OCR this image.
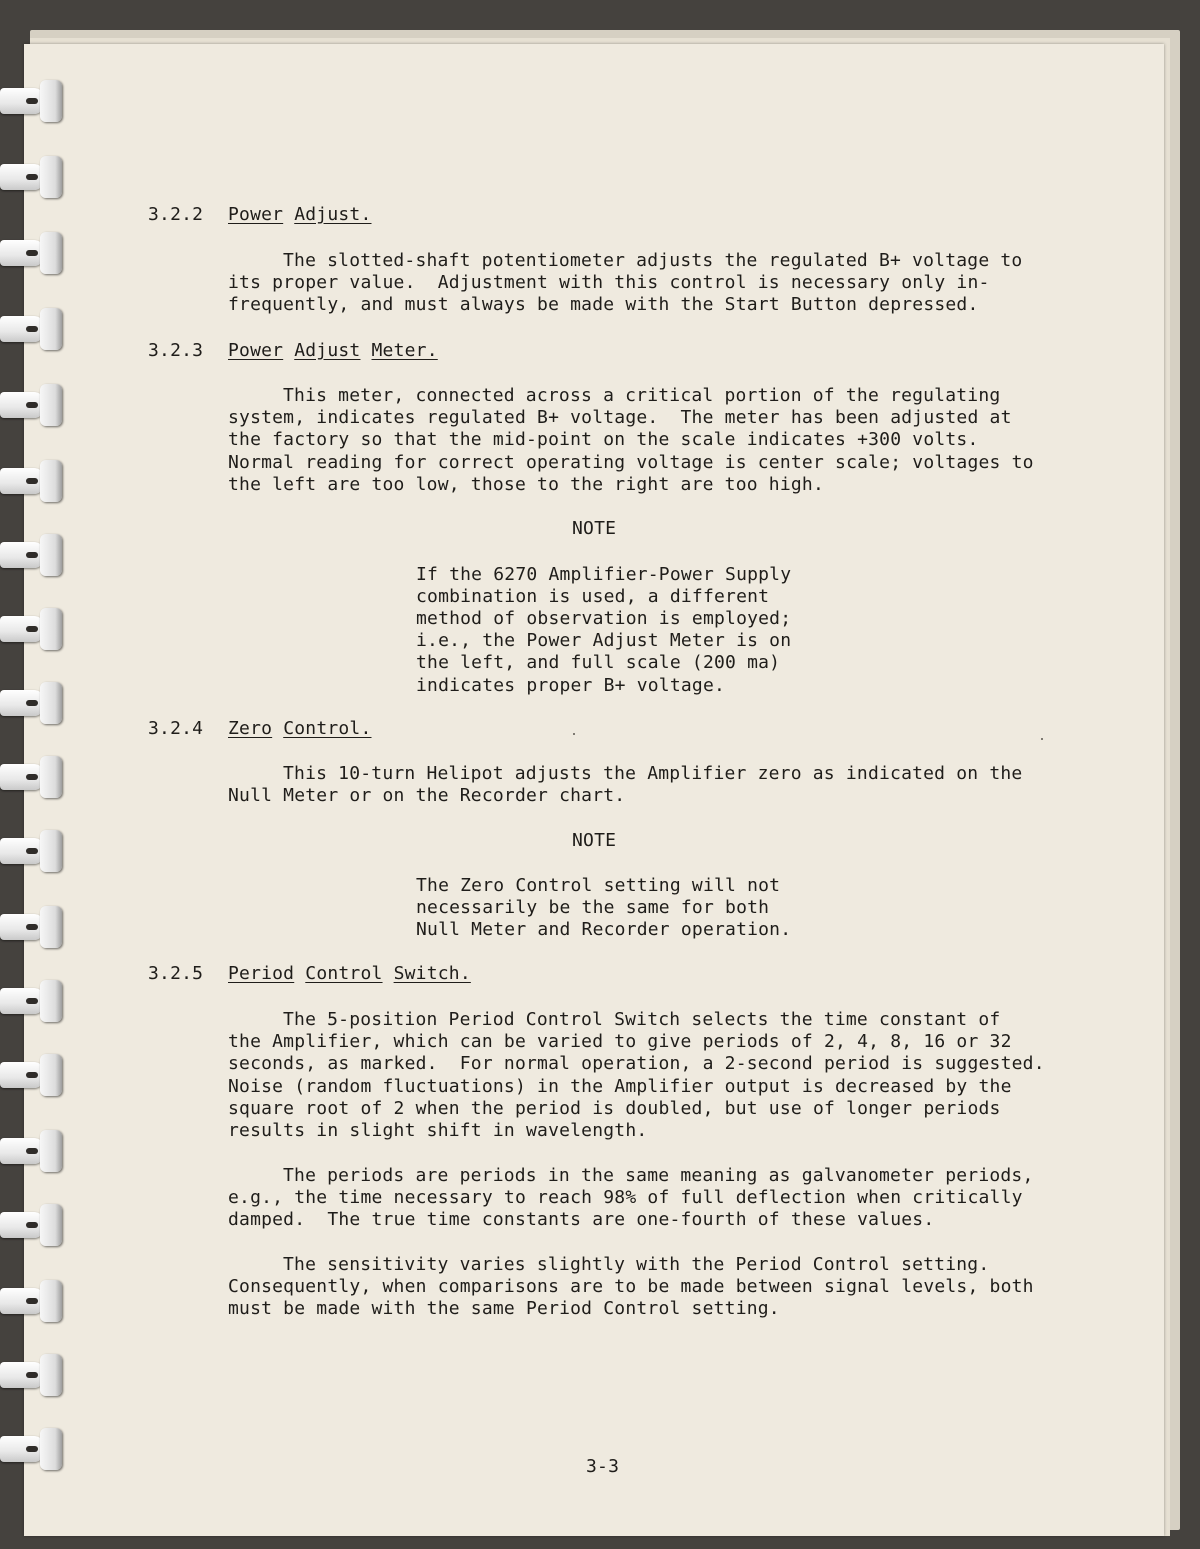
3.2.2 Power Adjust.
The slotted-shaft potentiometer adjusts the regulated B+ voltage to
its proper value.  Adjustment with this control is necessary only in-
frequently, and must always be made with the Start Button depressed.
3.2.3 Power Adjust Meter.
This meter, connected across a critical portion of the regulating
system, indicates regulated B+ voltage.  The meter has been adjusted at
the factory so that the mid-point on the scale indicates +300 volts.
Normal reading for correct operating voltage is center scale; voltages to
the left are too low, those to the right are too high.
NOTE
If the 6270 Amplifier-Power Supply
combination is used, a different
method of observation is employed;
i.e., the Power Adjust Meter is on
the left, and full scale (200 ma)
indicates proper B+ voltage.
3.2.4 Zero Control.
This 10-turn Helipot adjusts the Amplifier zero as indicated on the
Null Meter or on the Recorder chart.
NOTE
The Zero Control setting will not
necessarily be the same for both
Null Meter and Recorder operation.
3.2.5 Period Control Switch.
The 5-position Period Control Switch selects the time constant of
the Amplifier, which can be varied to give periods of 2, 4, 8, 16 or 32
seconds, as marked.  For normal operation, a 2-second period is suggested.
Noise (random fluctuations) in the Amplifier output is decreased by the
square root of 2 when the period is doubled, but use of longer periods
results in slight shift in wavelength.
The periods are periods in the same meaning as galvanometer periods,
e.g., the time necessary to reach 98% of full deflection when critically
damped.  The true time constants are one-fourth of these values.
The sensitivity varies slightly with the Period Control setting.
Consequently, when comparisons are to be made between signal levels, both
must be made with the same Period Control setting.
3-3
